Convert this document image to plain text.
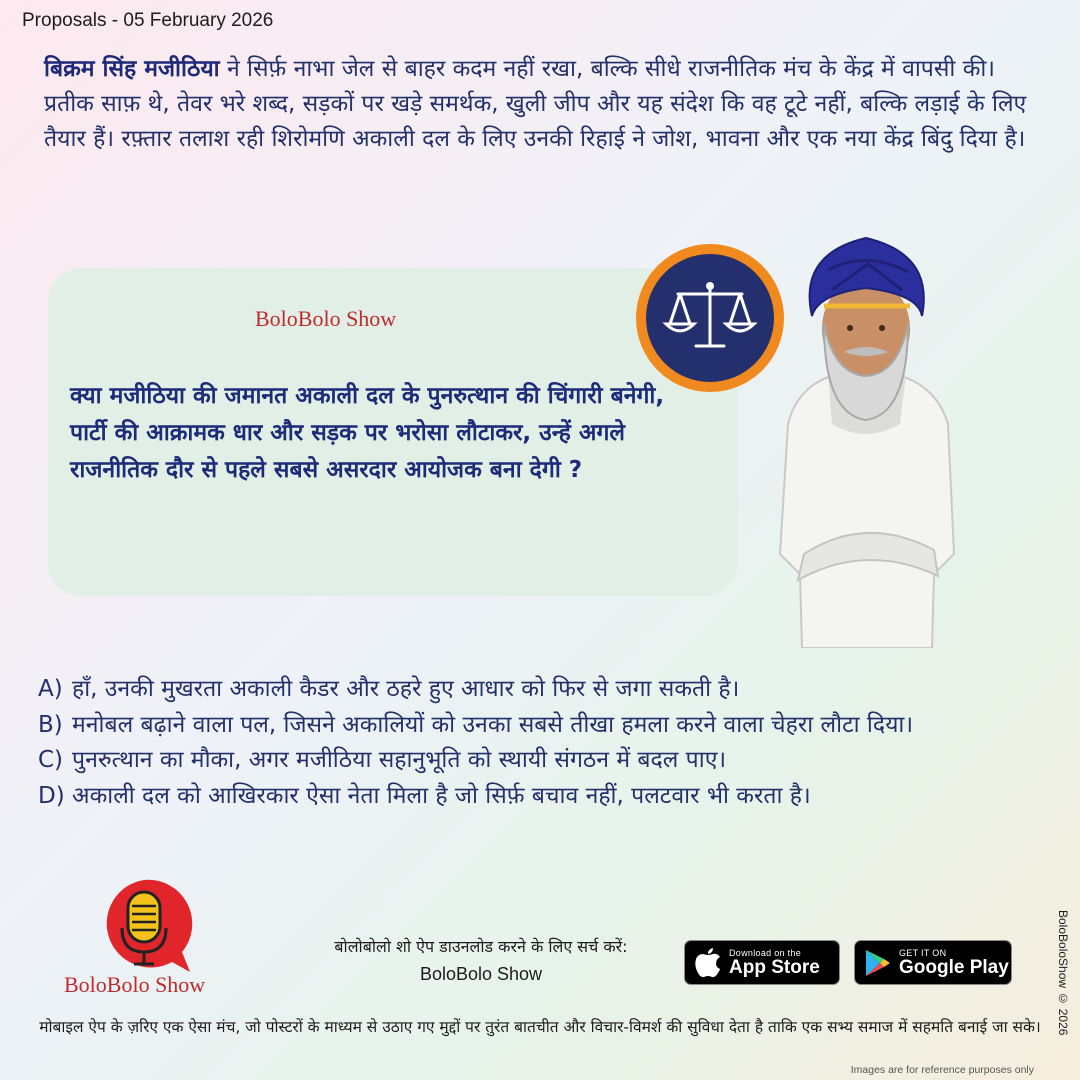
Proposals - 05 February 2026

बिक्रम सिंह मजीठिया ने सिर्फ़ नाभा जेल से बाहर कदम नहीं रखा, बल्कि सीधे राजनीतिक मंच के केंद्र में वापसी की। प्रतीक साफ़ थे, तेवर भरे शब्द, सड़कों पर खड़े समर्थक, खुली जीप और यह संदेश कि वह टूटे नहीं, बल्कि लड़ाई के लिए तैयार हैं। रफ़्तार तलाश रही शिरोमणि अकाली दल के लिए उनकी रिहाई ने जोश, भावना और एक नया केंद्र बिंदु दिया है।

BoloBolo Show
क्या मजीठिया की जमानत अकाली दल के पुनरुत्थान की चिंगारी बनेगी, पार्टी की आक्रामक धार और सड़क पर भरोसा लौटाकर, उन्हें अगले राजनीतिक दौर से पहले सबसे असरदार आयोजक बना देगी ?
A) हाँ, उनकी मुखरता अकाली कैडर और ठहरे हुए आधार को फिर से जगा सकती है।
B) मनोबल बढ़ाने वाला पल, जिसने अकालियों को उनका सबसे तीखा हमला करने वाला चेहरा लौटा दिया।
C) पुनरुत्थान का मौका, अगर मजीठिया सहानुभूति को स्थायी संगठन में बदल पाए।
D) अकाली दल को आखिरकार ऐसा नेता मिला है जो सिर्फ़ बचाव नहीं, पलटवार भी करता है।
BoloBolo Show
बोलोबोलो शो ऐप डाउनलोड करने के लिए सर्च करें:
BoloBolo Show
Download on the
App Store
GET IT ON
Google Play
मोबाइल ऐप के ज़रिए एक ऐसा मंच, जो पोस्टरों के माध्यम से उठाए गए मुद्दों पर तुरंत बातचीत और विचार-विमर्श की सुविधा देता है ताकि एक सभ्य समाज में सहमति बनाई जा सके।
Images are for reference purposes only
BoloBoloShow © 2026
